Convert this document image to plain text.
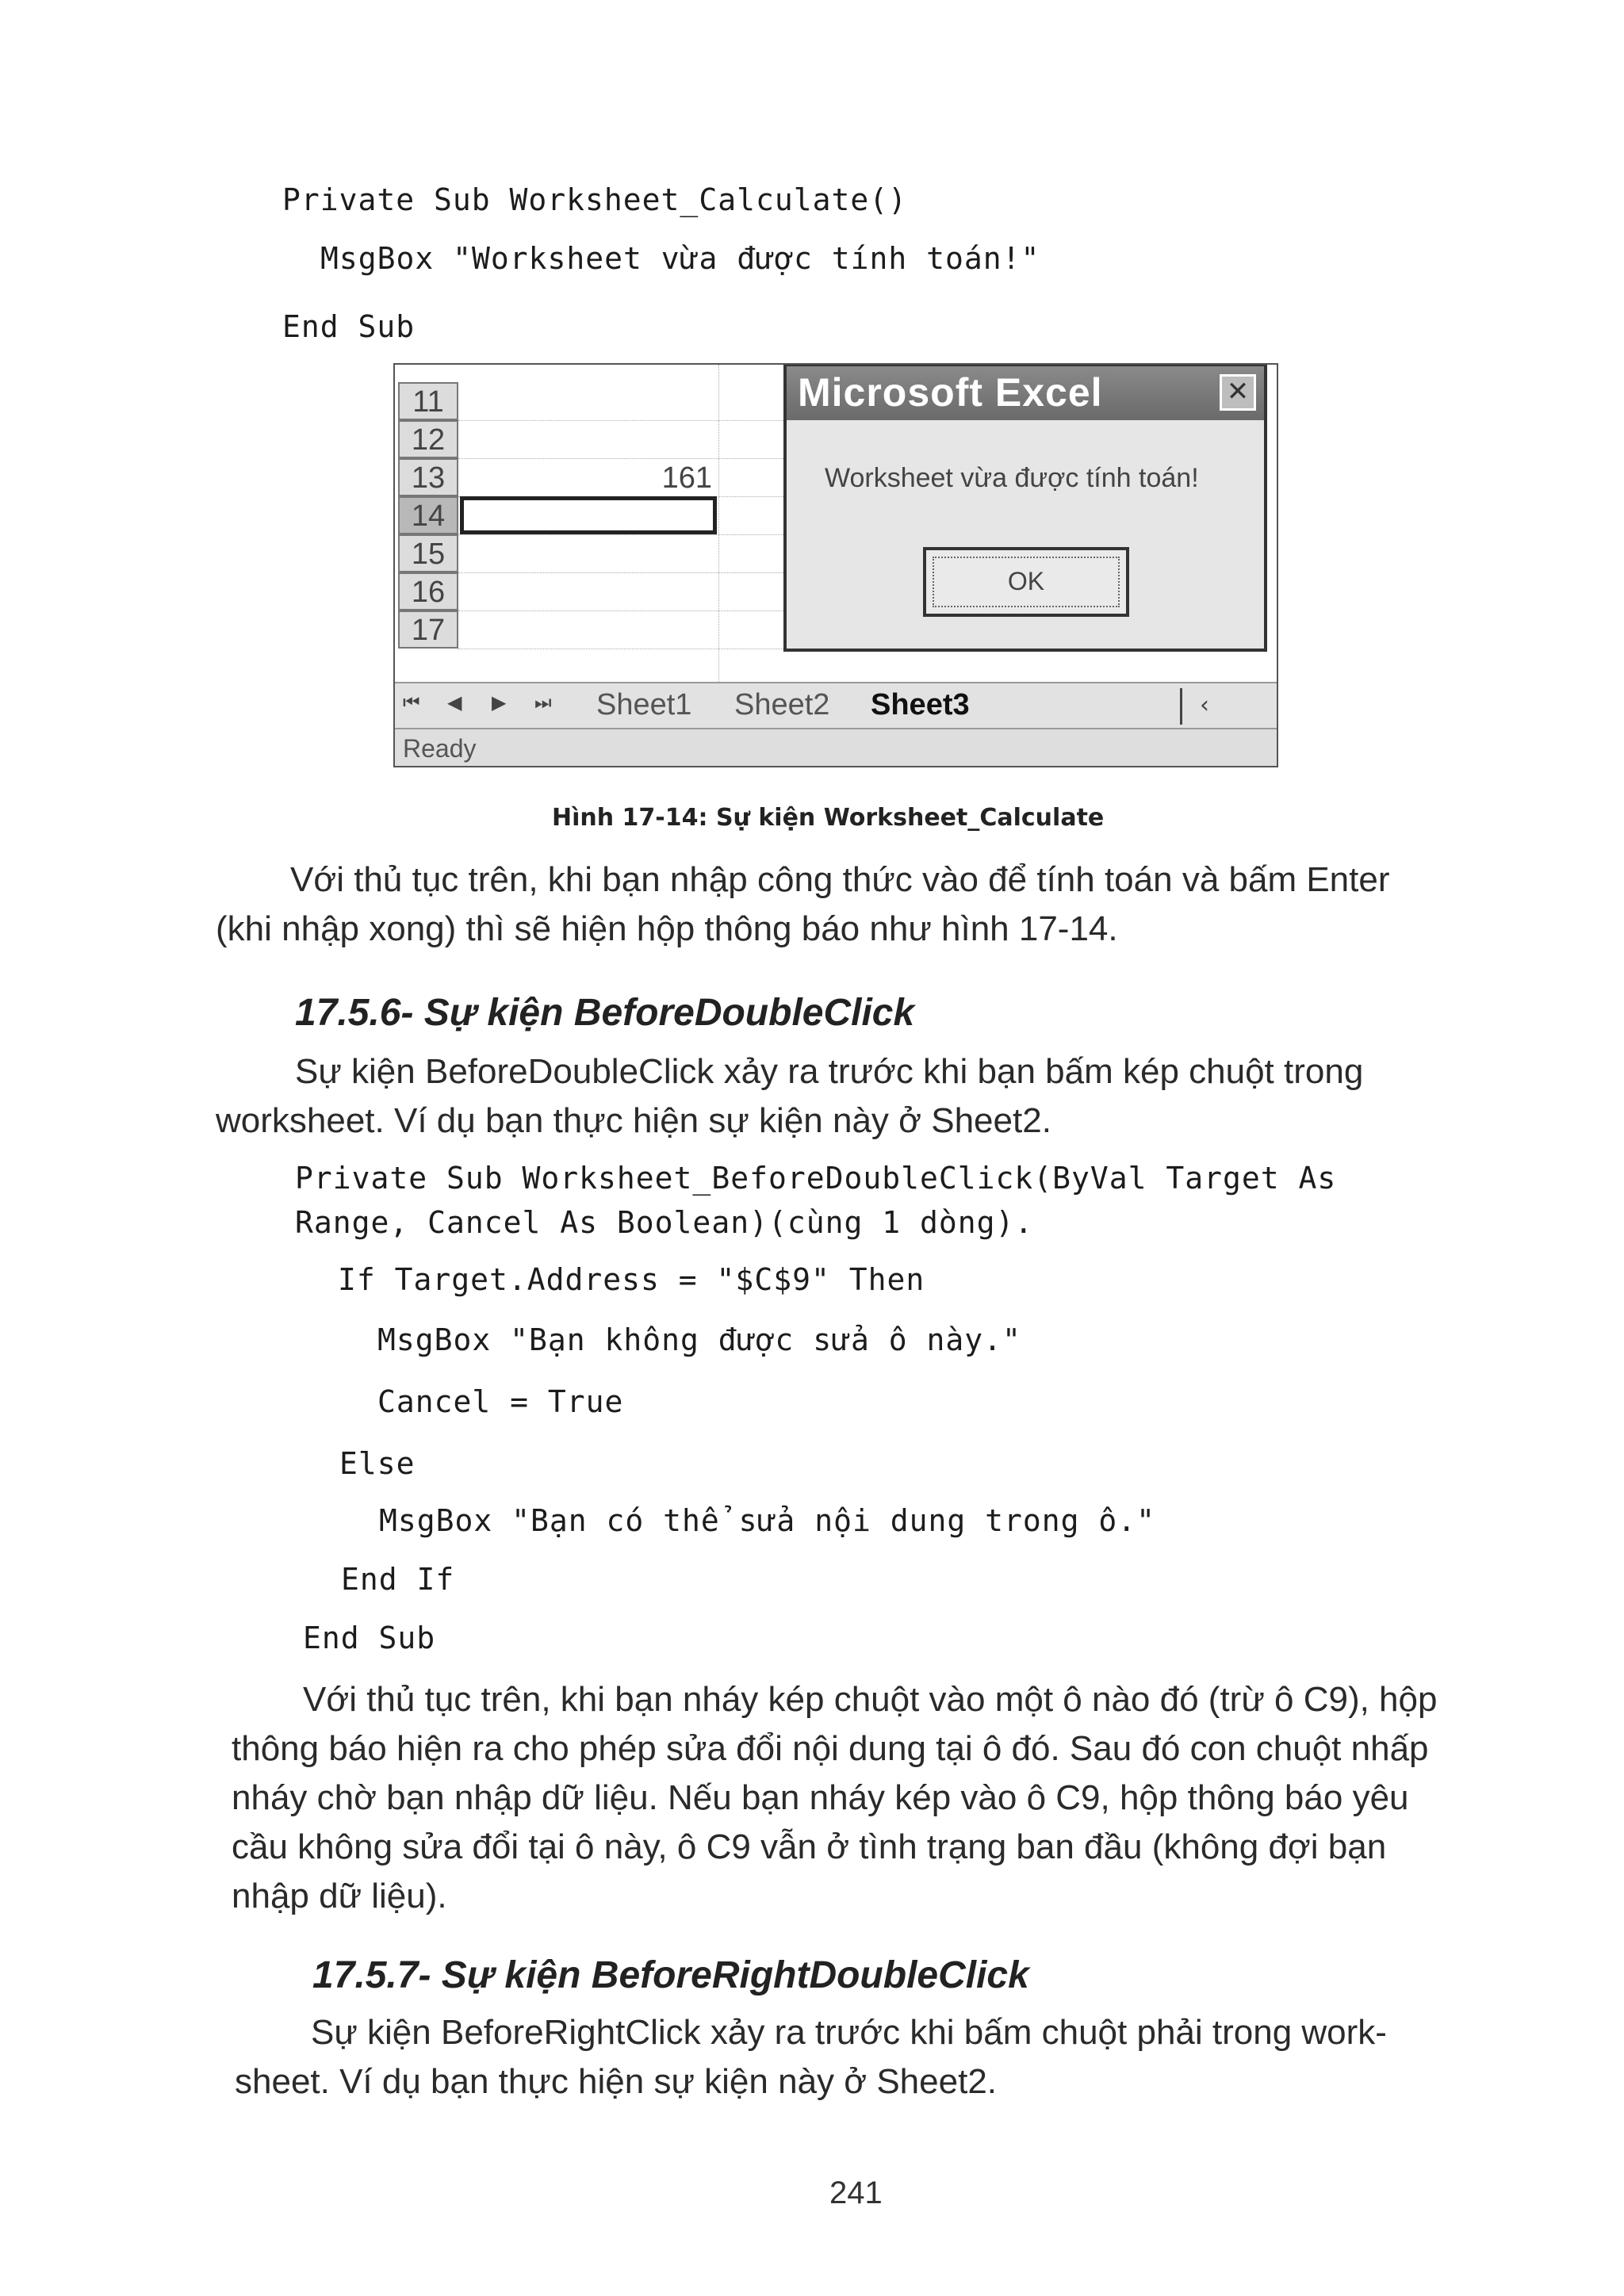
Private Sub Worksheet_Calculate()
MsgBox "Worksheet vừa được tính toán!"
End Sub
11
12
13
14
15
16
17
161
Microsoft Excel	✕
Worksheet vừa được tính toán!
OK
⏮ ◀ ▶ ⏭ Sheet1 Sheet2 Sheet3	‹
Ready
Hình 17-14: Sự kiện Worksheet_Calculate
Với thủ tục trên, khi bạn nhập công thức vào để tính toán và bấm Enter
(khi nhập xong) thì sẽ hiện hộp thông báo như hình 17-14.
17.5.6- Sự kiện BeforeDoubleClick
Sự kiện BeforeDoubleClick xảy ra trước khi bạn bấm kép chuột trong
worksheet. Ví dụ bạn thực hiện sự kiện này ở Sheet2.
Private Sub Worksheet_BeforeDoubleClick(ByVal Target As
Range, Cancel As Boolean)(cùng 1 dòng).
If Target.Address = "$C$9" Then
MsgBox "Bạn không được sửa ô này."
Cancel = True
Else
MsgBox "Bạn có thể sửa nội dung trong ô."
End If
End Sub
Với thủ tục trên, khi bạn nháy kép chuột vào một ô nào đó (trừ ô C9), hộp
thông báo hiện ra cho phép sửa đổi nội dung tại ô đó. Sau đó con chuột nhấp
nháy chờ bạn nhập dữ liệu. Nếu bạn nháy kép vào ô C9, hộp thông báo yêu
cầu không sửa đổi tại ô này, ô C9 vẫn ở tình trạng ban đầu (không đợi bạn
nhập dữ liệu).
17.5.7- Sự kiện BeforeRightDoubleClick
Sự kiện BeforeRightClick xảy ra trước khi bấm chuột phải trong work-
sheet. Ví dụ bạn thực hiện sự kiện này ở Sheet2.
241
